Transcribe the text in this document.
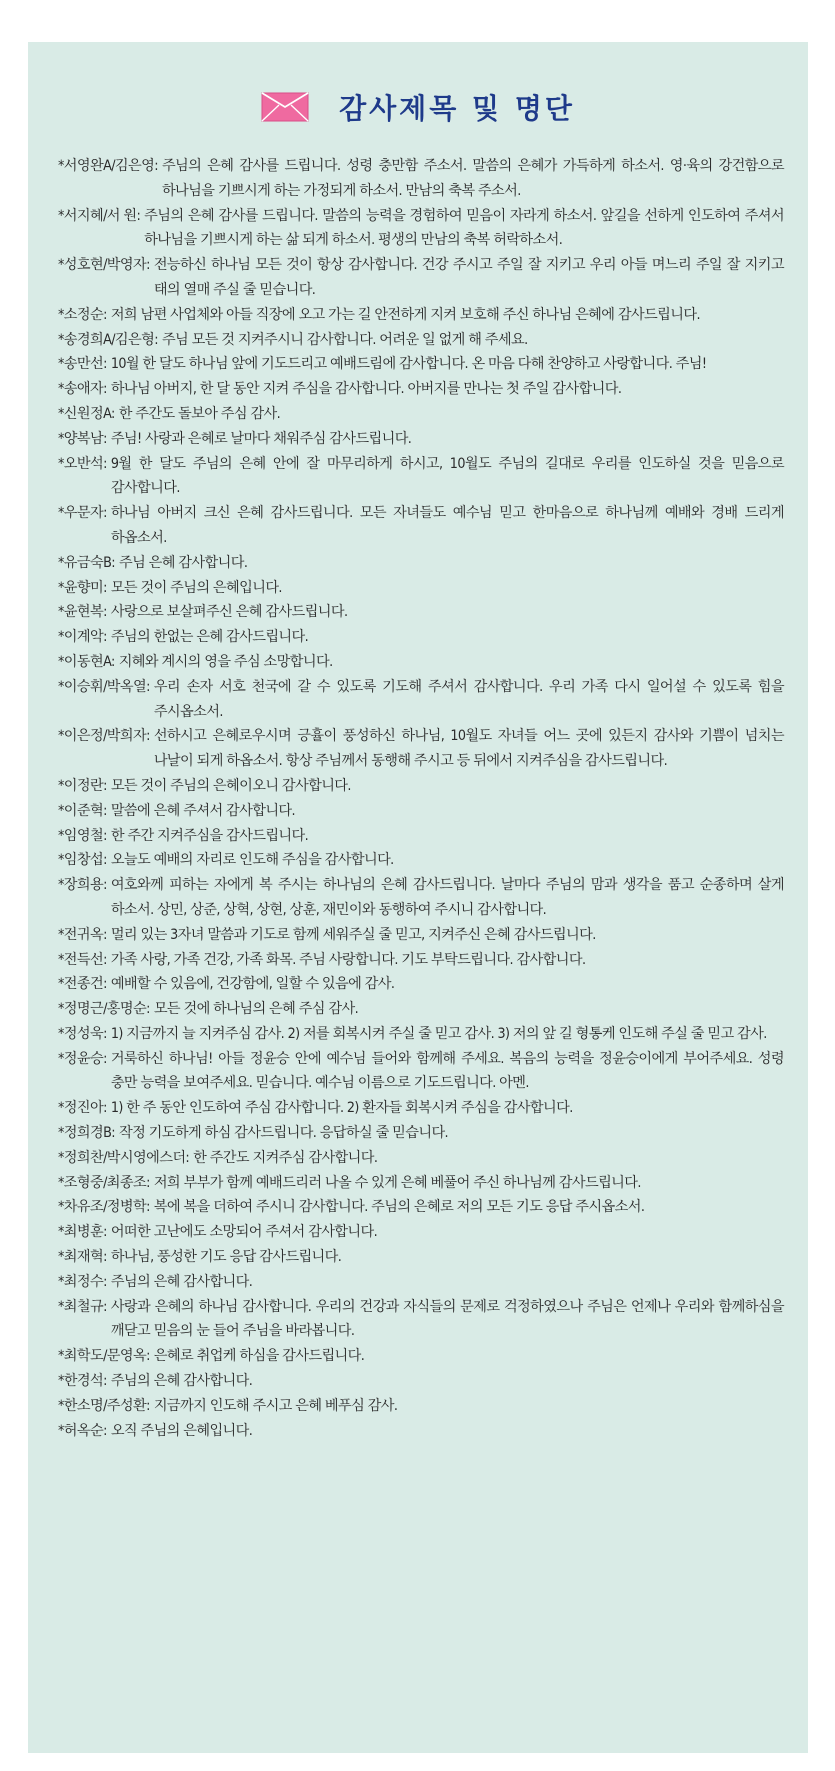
감사제목 및 명단
*서영완A/김은영: 주님의 은혜 감사를 드립니다. 성령 충만함 주소서. 말씀의 은혜가 가득하게 하소서. 영·육의 강건함으로 하나님을 기쁘시게 하는 가정되게 하소서. 만남의 축복 주소서.
*서지혜/서 원: 주님의 은혜 감사를 드립니다. 말씀의 능력을 경험하여 믿음이 자라게 하소서. 앞길을 선하게 인도하여 주셔서 하나님을 기쁘시게 하는 삶 되게 하소서. 평생의 만남의 축복 허락하소서.
*성호현/박영자: 전능하신 하나님 모든 것이 항상 감사합니다. 건강 주시고 주일 잘 지키고 우리 아들 며느리 주일 잘 지키고 태의 열매 주실 줄 믿습니다.
*소정순: 저희 남편 사업체와 아들 직장에 오고 가는 길 안전하게 지켜 보호해 주신 하나님 은혜에 감사드립니다.
*송경희A/김은형: 주님 모든 것 지켜주시니 감사합니다. 어려운 일 없게 해 주세요.
*송만선: 10월 한 달도 하나님 앞에 기도드리고 예배드림에 감사합니다. 온 마음 다해 찬양하고 사랑합니다. 주님!
*송애자: 하나님 아버지, 한 달 동안 지켜 주심을 감사합니다. 아버지를 만나는 첫 주일 감사합니다.
*신원정A: 한 주간도 돌보아 주심 감사.
*양복남: 주님! 사랑과 은혜로 날마다 채워주심 감사드립니다.
*오반석: 9월 한 달도 주님의 은혜 안에 잘 마무리하게 하시고, 10월도 주님의 길대로 우리를 인도하실 것을 믿음으로 감사합니다.
*우문자: 하나님 아버지 크신 은혜 감사드립니다. 모든 자녀들도 예수님 믿고 한마음으로 하나님께 예배와 경배 드리게 하옵소서.
*유금숙B: 주님 은혜 감사합니다.
*윤향미: 모든 것이 주님의 은혜입니다.
*윤현복: 사랑으로 보살펴주신 은혜 감사드립니다.
*이계악: 주님의 한없는 은혜 감사드립니다.
*이동현A: 지혜와 계시의 영을 주심 소망합니다.
*이승휘/박옥열: 우리 손자 서호 천국에 갈 수 있도록 기도해 주셔서 감사합니다. 우리 가족 다시 일어설 수 있도록 힘을 주시옵소서.
*이은정/박희자: 선하시고 은혜로우시며 긍휼이 풍성하신 하나님, 10월도 자녀들 어느 곳에 있든지 감사와 기쁨이 넘치는 나날이 되게 하옵소서. 항상 주님께서 동행해 주시고 등 뒤에서 지켜주심을 감사드립니다.
*이정란: 모든 것이 주님의 은혜이오니 감사합니다.
*이준혁: 말씀에 은혜 주셔서 감사합니다.
*임영철: 한 주간 지켜주심을 감사드립니다.
*임창섭: 오늘도 예배의 자리로 인도해 주심을 감사합니다.
*장희용: 여호와께 피하는 자에게 복 주시는 하나님의 은혜 감사드립니다. 날마다 주님의 맘과 생각을 품고 순종하며 살게 하소서. 상민, 상준, 상혁, 상현, 상훈, 재민이와 동행하여 주시니 감사합니다.
*전귀옥: 멀리 있는 3자녀 말씀과 기도로 함께 세워주실 줄 믿고, 지켜주신 은혜 감사드립니다.
*전득선: 가족 사랑, 가족 건강, 가족 화목. 주님 사랑합니다. 기도 부탁드립니다. 감사합니다.
*전종건: 예배할 수 있음에, 건강함에, 일할 수 있음에 감사.
*정명근/홍명순: 모든 것에 하나님의 은혜 주심 감사.
*정성욱: 1) 지금까지 늘 지켜주심 감사. 2) 저를 회복시켜 주실 줄 믿고 감사. 3) 저의 앞 길 형통케 인도해 주실 줄 믿고 감사.
*정윤승: 거룩하신 하나님! 아들 정윤승 안에 예수님 들어와 함께해 주세요. 복음의 능력을 정윤승이에게 부어주세요. 성령 충만 능력을 보여주세요. 믿습니다. 예수님 이름으로 기도드립니다. 아멘.
*정진아: 1) 한 주 동안 인도하여 주심 감사합니다. 2) 환자들 회복시켜 주심을 감사합니다.
*정희경B: 작정 기도하게 하심 감사드립니다. 응답하실 줄 믿습니다.
*정희찬/박시영에스더: 한 주간도 지켜주심 감사합니다.
*조형중/최종조: 저희 부부가 함께 예배드리러 나올 수 있게 은혜 베풀어 주신 하나님께 감사드립니다.
*차유조/정병학: 복에 복을 더하여 주시니 감사합니다. 주님의 은혜로 저의 모든 기도 응답 주시옵소서.
*최병훈: 어떠한 고난에도 소망되어 주셔서 감사합니다.
*최재혁: 하나님, 풍성한 기도 응답 감사드립니다.
*최정수: 주님의 은혜 감사합니다.
*최철규: 사랑과 은혜의 하나님 감사합니다. 우리의 건강과 자식들의 문제로 걱정하였으나 주님은 언제나 우리와 함께하심을 깨닫고 믿음의 눈 들어 주님을 바라봅니다.
*최학도/문영옥: 은혜로 취업케 하심을 감사드립니다.
*한경석: 주님의 은혜 감사합니다.
*한소명/주성환: 지금까지 인도해 주시고 은혜 베푸심 감사.
*허옥순: 오직 주님의 은혜입니다.
